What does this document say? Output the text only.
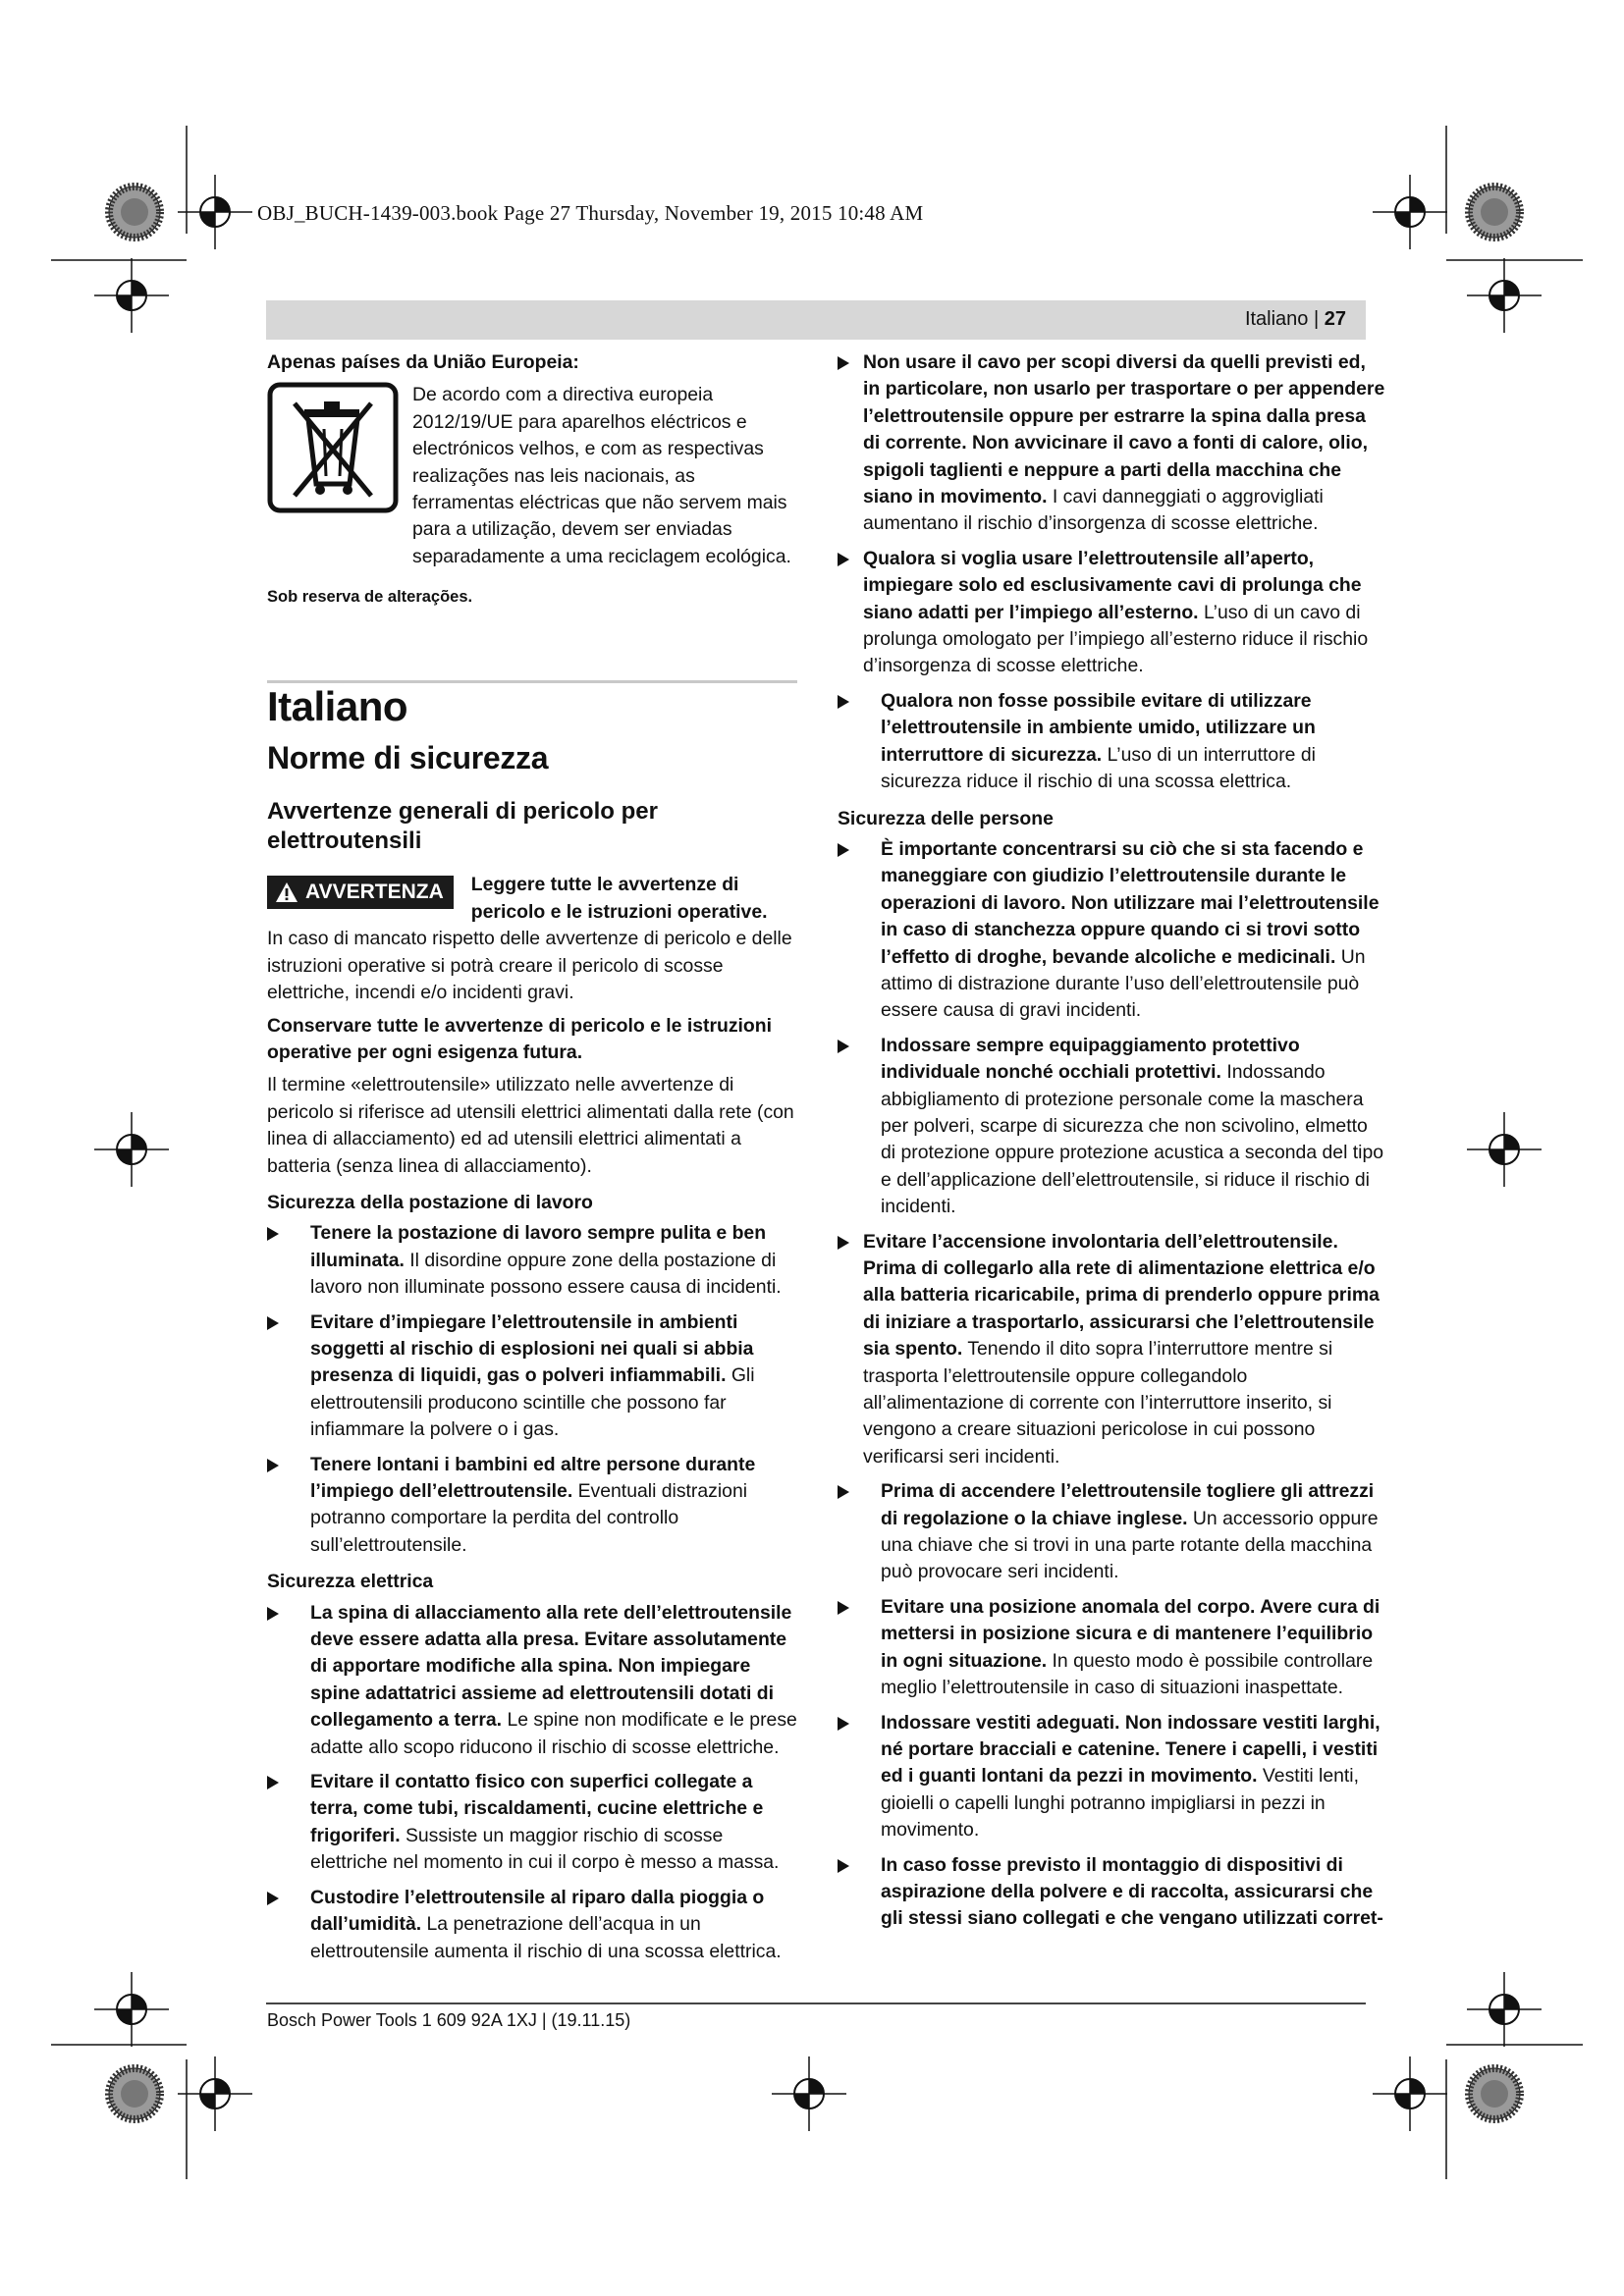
OBJ_BUCH-1439-003.book Page 27 Thursday, November 19, 2015 10:48 AM
Italiano | 27
Apenas países da União Europeia:
De acordo com a directiva europeia 2012/19/UE para aparelhos eléctricos e electrónicos velhos, e com as respectivas realizações nas leis nacionais, as ferramentas eléctricas que não servem mais para a utilização, devem ser enviadas separadamente a uma reciclagem ecológica.
Sob reserva de alterações.
Italiano
Norme di sicurezza
Avvertenze generali di pericolo per elettroutensili
AVVERTENZA Leggere tutte le avvertenze di pericolo e le istruzioni operative.

In caso di mancato rispetto delle avvertenze di pericolo e delle istruzioni operative si potrà creare il pericolo di scosse elettriche, incendi e/o incidenti gravi.

Conservare tutte le avvertenze di pericolo e le istruzioni operative per ogni esigenza futura.

Il termine «elettroutensile» utilizzato nelle avvertenze di pericolo si riferisce ad utensili elettrici alimentati dalla rete (con linea di allacciamento) ed ad utensili elettrici alimentati a batteria (senza linea di allacciamento).

Sicurezza della postazione di lavoro
Tenere la postazione di lavoro sempre pulita e ben illuminata. Il disordine oppure zone della postazione di lavoro non illuminate possono essere causa di incidenti.
Evitare d’impiegare l’elettroutensile in ambienti soggetti al rischio di esplosioni nei quali si abbia presenza di liquidi, gas o polveri infiammabili. Gli elettroutensili producono scintille che possono far infiammare la polvere o i gas.
Tenere lontani i bambini ed altre persone durante l’impiego dell’elettroutensile. Eventuali distrazioni potranno comportare la perdita del controllo sull’elettroutensile.
Sicurezza elettrica
La spina di allacciamento alla rete dell’elettroutensile deve essere adatta alla presa. Evitare assolutamente di apportare modifiche alla spina. Non impiegare spine adattatrici assieme ad elettroutensili dotati di collegamento a terra. Le spine non modificate e le prese adatte allo scopo riducono il rischio di scosse elettriche.
Evitare il contatto fisico con superfici collegate a terra, come tubi, riscaldamenti, cucine elettriche e frigoriferi. Sussiste un maggior rischio di scosse elettriche nel momento in cui il corpo è messo a massa.
Custodire l’elettroutensile al riparo dalla pioggia o dall’umidità. La penetrazione dell’acqua in un elettroutensile aumenta il rischio di una scossa elettrica.
Non usare il cavo per scopi diversi da quelli previsti ed, in particolare, non usarlo per trasportare o per appendere l’elettroutensile oppure per estrarre la spina dalla presa di corrente. Non avvicinare il cavo a fonti di calore, olio, spigoli taglienti e neppure a parti della macchina che siano in movimento. I cavi danneggiati o aggrovigliati aumentano il rischio d’insorgenza di scosse elettriche.
Qualora si voglia usare l’elettroutensile all’aperto, impiegare solo ed esclusivamente cavi di prolunga che siano adatti per l’impiego all’esterno. L’uso di un cavo di prolunga omologato per l’impiego all’esterno riduce il rischio d’insorgenza di scosse elettriche.
Qualora non fosse possibile evitare di utilizzare l’elettroutensile in ambiente umido, utilizzare un interruttore di sicurezza. L’uso di un interruttore di sicurezza riduce il rischio di una scossa elettrica.
Sicurezza delle persone
È importante concentrarsi su ciò che si sta facendo e maneggiare con giudizio l’elettroutensile durante le operazioni di lavoro. Non utilizzare mai l’elettroutensile in caso di stanchezza oppure quando ci si trovi sotto l’effetto di droghe, bevande alcoliche e medicinali. Un attimo di distrazione durante l’uso dell’elettroutensile può essere causa di gravi incidenti.
Indossare sempre equipaggiamento protettivo individuale nonché occhiali protettivi. Indossando abbigliamento di protezione personale come la maschera per polveri, scarpe di sicurezza che non scivolino, elmetto di protezione oppure protezione acustica a seconda del tipo e dell’applicazione dell’elettroutensile, si riduce il rischio di incidenti.
Evitare l’accensione involontaria dell’elettroutensile. Prima di collegarlo alla rete di alimentazione elettrica e/o alla batteria ricaricabile, prima di prenderlo oppure prima di iniziare a trasportarlo, assicurarsi che l’elettroutensile sia spento. Tenendo il dito sopra l’interruttore mentre si trasporta l’elettroutensile oppure collegandolo all’alimentazione di corrente con l’interruttore inserito, si vengono a creare situazioni pericolose in cui possono verificarsi seri incidenti.
Prima di accendere l’elettroutensile togliere gli attrezzi di regolazione o la chiave inglese. Un accessorio oppure una chiave che si trovi in una parte rotante della macchina può provocare seri incidenti.
Evitare una posizione anomala del corpo. Avere cura di mettersi in posizione sicura e di mantenere l’equilibrio in ogni situazione. In questo modo è possibile controllare meglio l’elettroutensile in caso di situazioni inaspettate.
Indossare vestiti adeguati. Non indossare vestiti larghi, né portare bracciali e catenine. Tenere i capelli, i vestiti ed i guanti lontani da pezzi in movimento. Vestiti lenti, gioielli o capelli lunghi potranno impigliarsi in pezzi in movimento.
In caso fosse previsto il montaggio di dispositivi di aspirazione della polvere e di raccolta, assicurarsi che gli stessi siano collegati e che vengano utilizzati corret-
Bosch Power Tools 1 609 92A 1XJ | (19.11.15)
